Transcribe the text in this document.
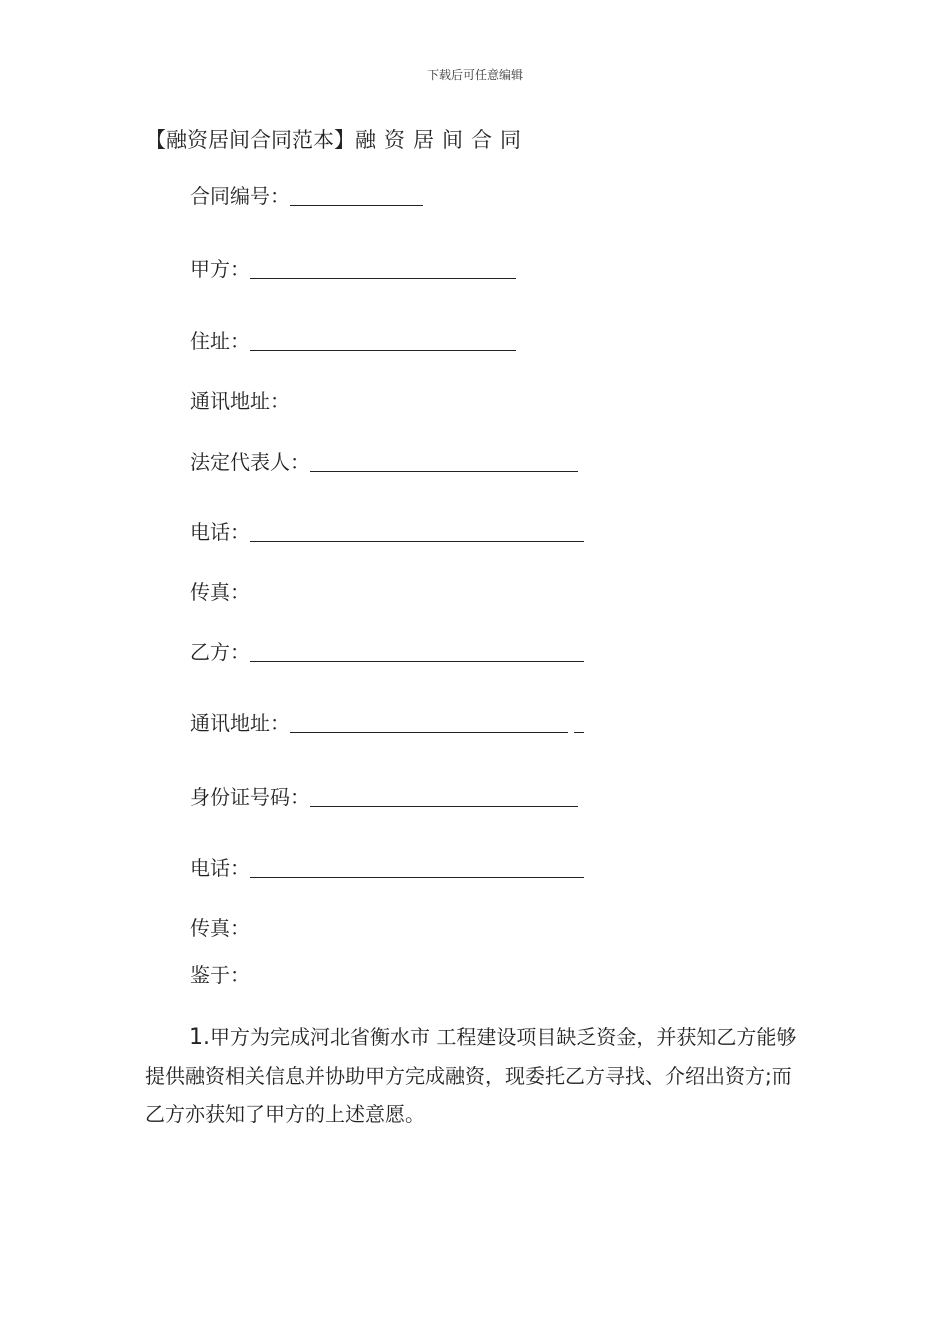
下载后可任意编辑
【融资居间合同范本】融资居间合同
合同编号：
甲方：
住址：
通讯地址：
法定代表人：
电话：
传真：
乙方：
通讯地址：
身份证号码：
电话：
传真：
鉴于：
1.甲方为完成河北省衡水市 工程建设项目缺乏资金，并获知乙方能够提供融资相关信息并协助甲方完成融资，现委托乙方寻找、介绍出资方;而乙方亦获知了甲方的上述意愿。
